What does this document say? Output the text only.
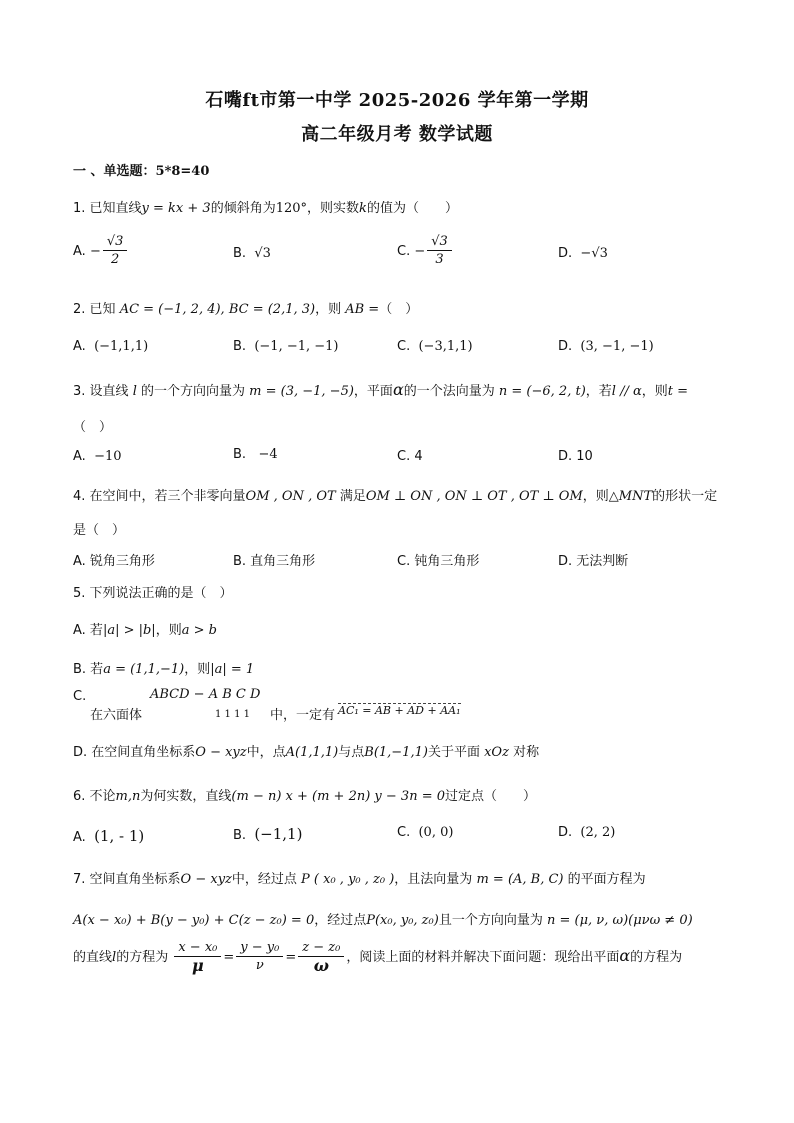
石嘴ft市第一中学 2025-2026 学年第一学期
高二年级月考 数学试题
一 、单选题：5*8=40
1. 已知直线y = kx + 3的倾斜角为120°，则实数k的值为（　　）
A. − $\frac{√3}{2}$	B. √3	C. − $\frac{√3}{3}$	D. −√3
2. 已知 AC = (−1, 2, 4), BC = (2,1, 3)，则 AB =（　）
A. (−1,1,1)	B. (−1, −1, −1)	C. (−3,1,1)	D. (3, −1, −1)
3. 设直线 l 的一个方向向量为 m = (3, −1, −5)，平面α的一个法向量为 n = (−6, 2, t)，若l // α，则t =
（　）
A. −10	B. −4	C. 4	D. 10
4. 在空间中，若三个非零向量OM , ON , OT 满足OM ⊥ ON , ON ⊥ OT , OT ⊥ OM，则△MNT的形状一定
是（　）
A. 锐角三角形	B. 直角三角形	C. 钝角三角形	D. 无法判断
5. 下列说法正确的是（　）
A. 若|a| > |b|，则a > b
B. 若a = (1,1,−1)，则|a| = 1
C.	ABCD − A B C D
1 1 1 1
在六面体	中，一定有 AC₁ = AB + AD + AA₁
D. 在空间直角坐标系O − xyz中，点A(1,1,1)与点B(1,−1,1)关于平面 xOz 对称
6. 不论m,n为何实数，直线(m − n) x + (m + 2n) y − 3n = 0过定点（　　）
A. (1, - 1)	B. (−1,1)	C. (0, 0)	D. (2, 2)
7. 空间直角坐标系O − xyz中，经过点 P ( x₀ , y₀ , z₀ )，且法向量为 m = (A, B, C) 的平面方程为
A(x − x₀) + B(y − y₀) + C(z − z₀) = 0，经过点P(x₀, y₀, z₀)且一个方向向量为 n = (μ, ν, ω)(μνω ≠ 0)
的直线l的方程为 $\frac{\text{x − x₀}}{\mu} = \frac{\text{y − y₀}}{\nu} = \frac{\text{z − z₀}}{\omega}$ ，阅读上面的材料并解决下面问题：现给出平面α的方程为
